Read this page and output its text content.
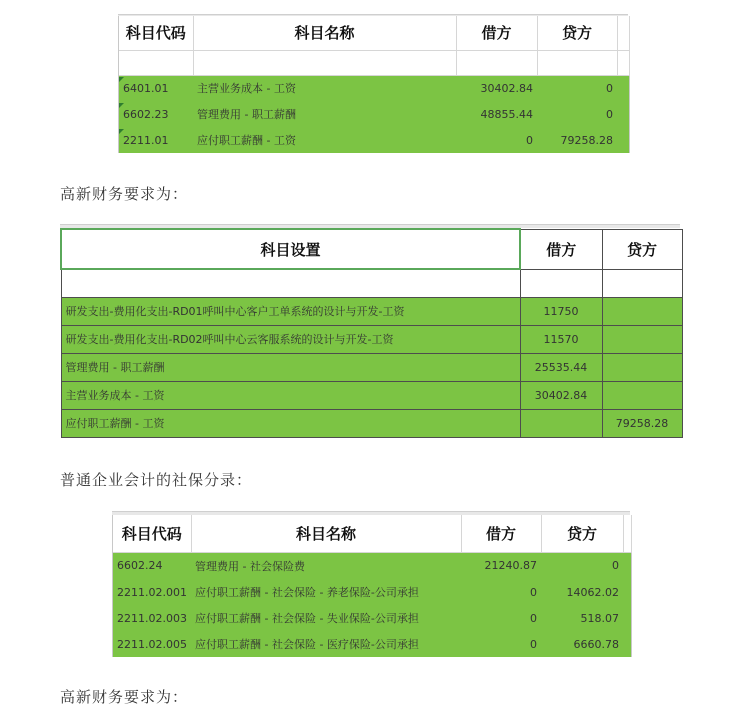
科目代码	科目名称	借方	贷方	

6401.01	主营业务成本 - 工资	30402.84	0	
6602.23	管理费用 - 职工薪酬	48855.44	0	
2211.01	应付职工薪酬 - 工资	0	79258.28	
高新财务要求为：
科目设置	借方	贷方

研发支出-费用化支出-RD01呼叫中心客户工单系统的设计与开发-工资	11750	
研发支出-费用化支出-RD02呼叫中心云客服系统的设计与开发-工资	11570	
管理费用 - 职工薪酬	25535.44	
主营业务成本 - 工资	30402.84	
应付职工薪酬 - 工资		79258.28
普通企业会计的社保分录：
科目代码	科目名称	借方	贷方	
6602.24	管理费用 - 社会保险费	21240.87	0	
2211.02.001	应付职工薪酬 - 社会保险 - 养老保险-公司承担	0	14062.02	
2211.02.003	应付职工薪酬 - 社会保险 - 失业保险-公司承担	0	518.07	
2211.02.005	应付职工薪酬 - 社会保险 - 医疗保险-公司承担	0	6660.78	
高新财务要求为：
